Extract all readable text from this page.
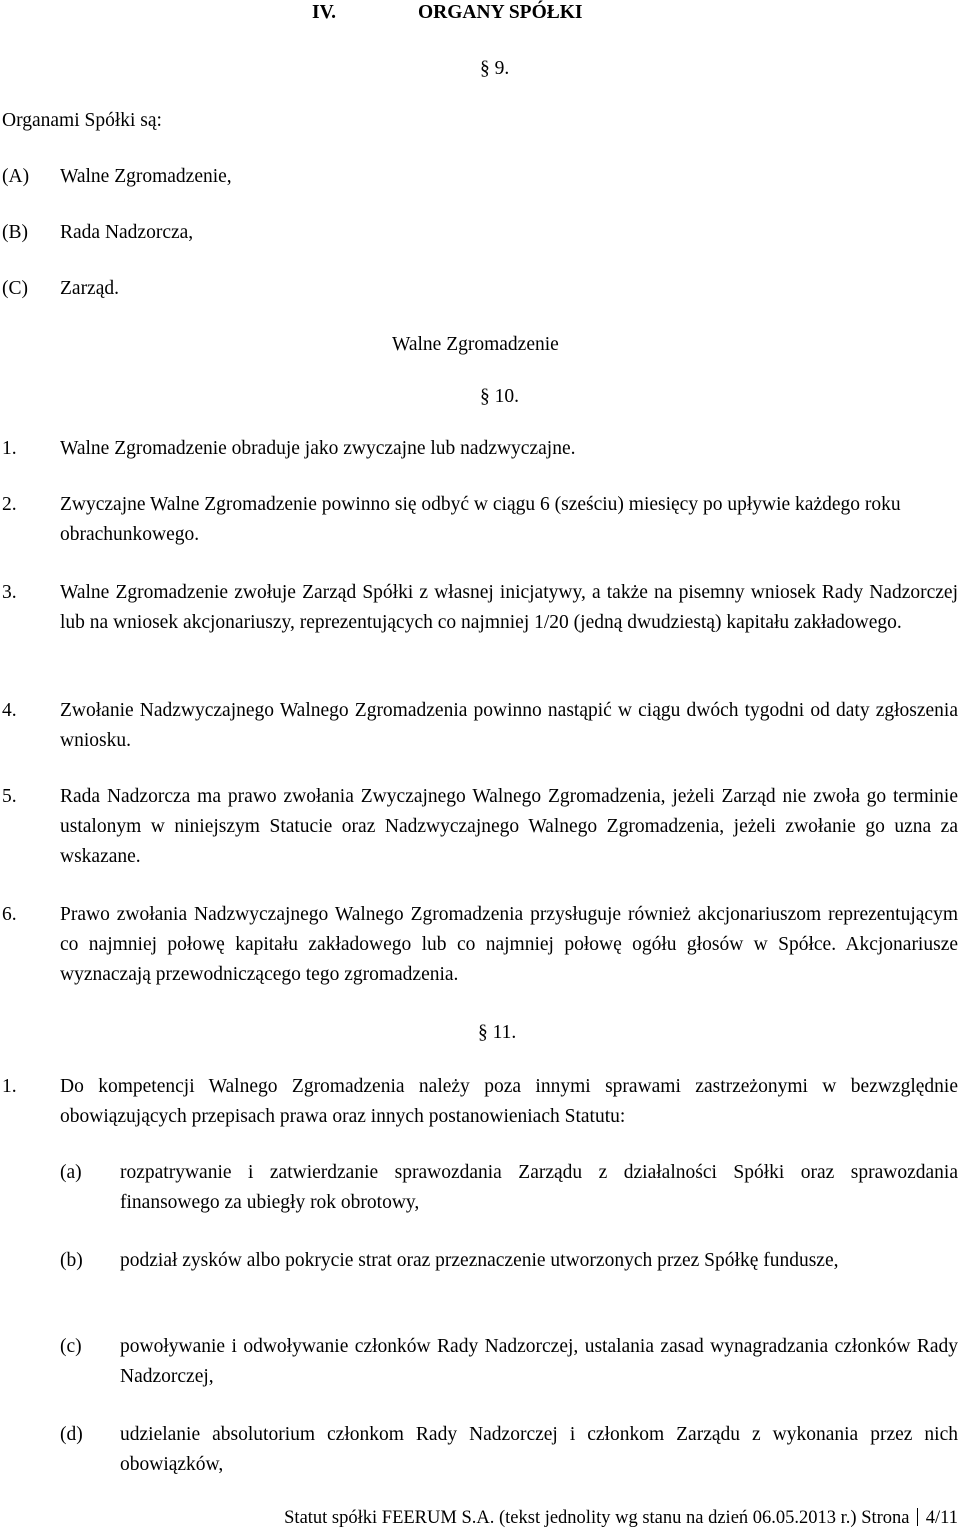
IV.	ORGANY SPÓŁKI
§ 9.
Organami Spółki są:
(A) Walne Zgromadzenie,
(B) Rada Nadzorcza,
(C) Zarząd.
Walne Zgromadzenie
§ 10.
1. Walne Zgromadzenie obraduje jako zwyczajne lub nadzwyczajne.
2. Zwyczajne Walne Zgromadzenie powinno się odbyć w ciągu 6 (sześciu) miesięcy po upływie każdego roku obrachunkowego.
3. Walne Zgromadzenie zwołuje Zarząd Spółki z własnej inicjatywy, a także na pisemny wniosek Rady Nadzorczej lub na wniosek akcjonariuszy, reprezentujących co najmniej 1/20 (jedną dwudziestą) kapitału zakładowego.
4. Zwołanie Nadzwyczajnego Walnego Zgromadzenia powinno nastąpić w ciągu dwóch tygodni od daty zgłoszenia wniosku.
5. Rada Nadzorcza ma prawo zwołania Zwyczajnego Walnego Zgromadzenia, jeżeli Zarząd nie zwoła go terminie ustalonym w niniejszym Statucie oraz Nadzwyczajnego Walnego Zgromadzenia, jeżeli zwołanie go uzna za wskazane.
6. Prawo zwołania Nadzwyczajnego Walnego Zgromadzenia przysługuje również akcjonariuszom reprezentującym co najmniej połowę kapitału zakładowego lub co najmniej połowę ogółu głosów w Spółce. Akcjonariusze wyznaczają przewodniczącego tego zgromadzenia.
§ 11.
1. Do kompetencji Walnego Zgromadzenia należy poza innymi sprawami zastrzeżonymi w bezwzględnie obowiązujących przepisach prawa oraz innych postanowieniach Statutu:
(a) rozpatrywanie i zatwierdzanie sprawozdania Zarządu z działalności Spółki oraz sprawozdania finansowego za ubiegły rok obrotowy,
(b) podział zysków albo pokrycie strat oraz przeznaczenie utworzonych przez Spółkę fundusze,
(c) powoływanie i odwoływanie członków Rady Nadzorczej, ustalania zasad wynagradzania członków Rady Nadzorczej,
(d) udzielanie absolutorium członkom Rady Nadzorczej i członkom Zarządu z wykonania przez nich obowiązków,
Statut spółki FEERUM S.A. (tekst jednolity wg stanu na dzień 06.05.2013 r.) Strona 4/11
